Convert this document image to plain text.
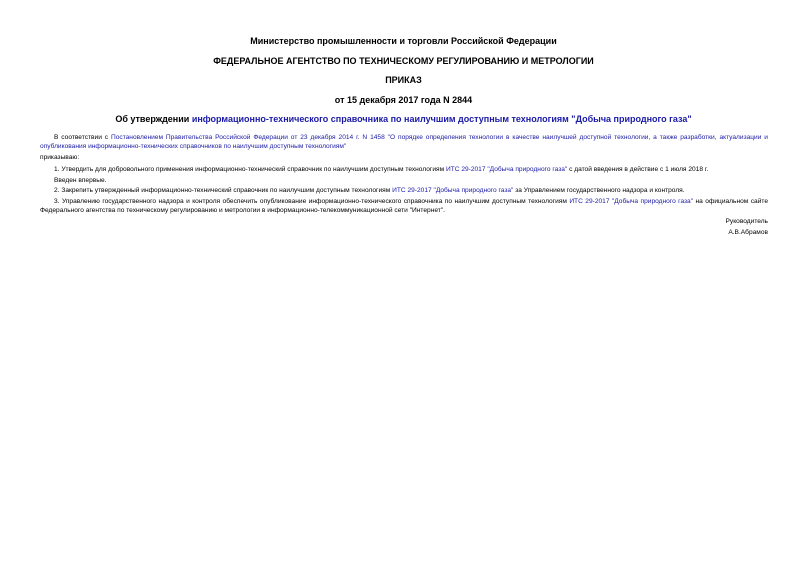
Министерство промышленности и торговли Российской Федерации
ФЕДЕРАЛЬНОЕ АГЕНТСТВО ПО ТЕХНИЧЕСКОМУ РЕГУЛИРОВАНИЮ И МЕТРОЛОГИИ
ПРИКАЗ
от 15 декабря 2017 года N 2844
Об утверждении информационно-технического справочника по наилучшим доступным технологиям "Добыча природного газа"

В соответствии с Постановлением Правительства Российской Федерации от 23 декабря 2014 г. N 1458 "О порядке определения технологии в качестве наилучшей доступной технологии, а также разработки, актуализации и опубликования информационно-технических справочников по наилучшим доступным технологиям"

приказываю:

1. Утвердить для добровольного применения информационно-технический справочник по наилучшим доступным технологиям ИТС 29-2017 "Добыча природного газа" с датой введения в действие с 1 июля 2018 г.

Введен впервые.

2. Закрепить утвержденный информационно-технический справочник по наилучшим доступным технологиям ИТС 29-2017 "Добыча природного газа" за Управлением государственного надзора и контроля.

3. Управлению государственного надзора и контроля обеспечить опубликование информационно-технического справочника по наилучшим доступным технологиям ИТС 29-2017 "Добыча природного газа" на официальном сайте Федерального агентства по техническому регулированию и метрологии в информационно-телекоммуникационной сети "Интернет".

Руководитель
А.В.Абрамов
